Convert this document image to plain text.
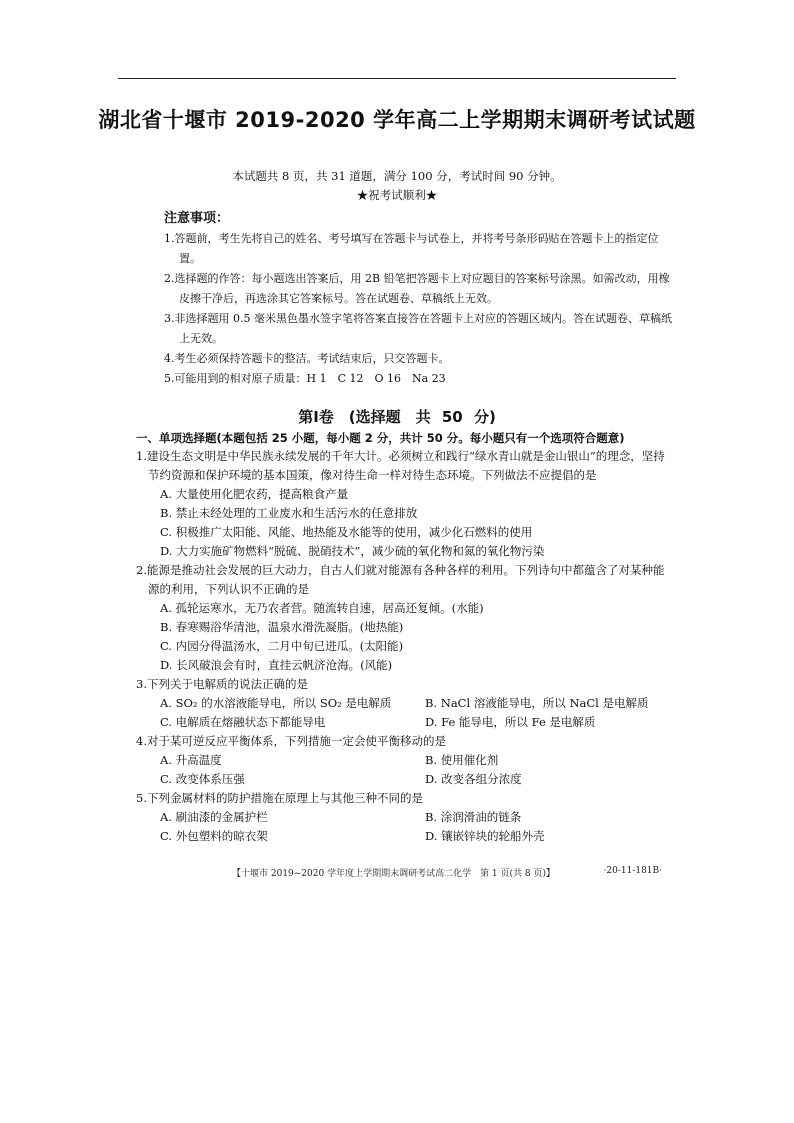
湖北省十堰市 2019-2020 学年高二上学期期末调研考试试题
本试题共 8 页，共 31 道题，满分 100 分，考试时间 90 分钟。
★祝考试顺利★
注意事项：
1.答题前，考生先将自己的姓名、考号填写在答题卡与试卷上，并将考号条形码贴在答题卡上的指定位置。
2.选择题的作答：每小题选出答案后，用 2B 铅笔把答题卡上对应题目的答案标号涂黑。如需改动，用橡皮擦干净后，再选涂其它答案标号。答在试题卷、草稿纸上无效。
3.非选择题用 0.5 毫米黑色墨水签字笔将答案直接答在答题卡上对应的答题区域内。答在试题卷、草稿纸上无效。
4.考生必须保持答题卡的整洁。考试结束后，只交答题卡。
5.可能用到的相对原子质量：H 1　C 12　O 16　Na 23
第Ⅰ卷　(选择题　共 50 分)
一、单项选择题(本题包括 25 小题，每小题 2 分，共计 50 分。每小题只有一个选项符合题意)
1.建设生态文明是中华民族永续发展的千年大计。必须树立和践行“绿水青山就是金山银山”的理念，坚持节约资源和保护环境的基本国策，像对待生命一样对待生态环境。下列做法不应提倡的是
A. 大量使用化肥农药，提高粮食产量
B. 禁止未经处理的工业废水和生活污水的任意排放
C. 积极推广太阳能、风能、地热能及水能等的使用，减少化石燃料的使用
D. 大力实施矿物燃料“脱硫、脱硝技术”，减少硫的氧化物和氮的氧化物污染
2.能源是推动社会发展的巨大动力，自古人们就对能源有各种各样的利用。下列诗句中都蕴含了对某种能源的利用，下列认识不正确的是
A. 孤轮运寒水，无乃农者营。随流转自速，居高还复倾。(水能)
B. 春寒赐浴华清池，温泉水滑洗凝脂。(地热能)
C. 内园分得温汤水，二月中旬已进瓜。(太阳能)
D. 长风破浪会有时，直挂云帆济沧海。(风能)
3.下列关于电解质的说法正确的是
A. SO₂ 的水溶液能导电，所以 SO₂ 是电解质	B. NaCl 溶液能导电，所以 NaCl 是电解质
C. 电解质在熔融状态下都能导电	D. Fe 能导电，所以 Fe 是电解质
4.对于某可逆反应平衡体系，下列措施一定会使平衡移动的是
A. 升高温度	B. 使用催化剂
C. 改变体系压强	D. 改变各组分浓度
5.下列金属材料的防护措施在原理上与其他三种不同的是
A. 刷油漆的金属护栏	B. 涂润滑油的链条
C. 外包塑料的晾衣架	D. 镶嵌锌块的轮船外壳
【十堰市 2019~2020 学年度上学期期末调研考试高二化学　第 1 页(共 8 页)】	·20-11-181B·
